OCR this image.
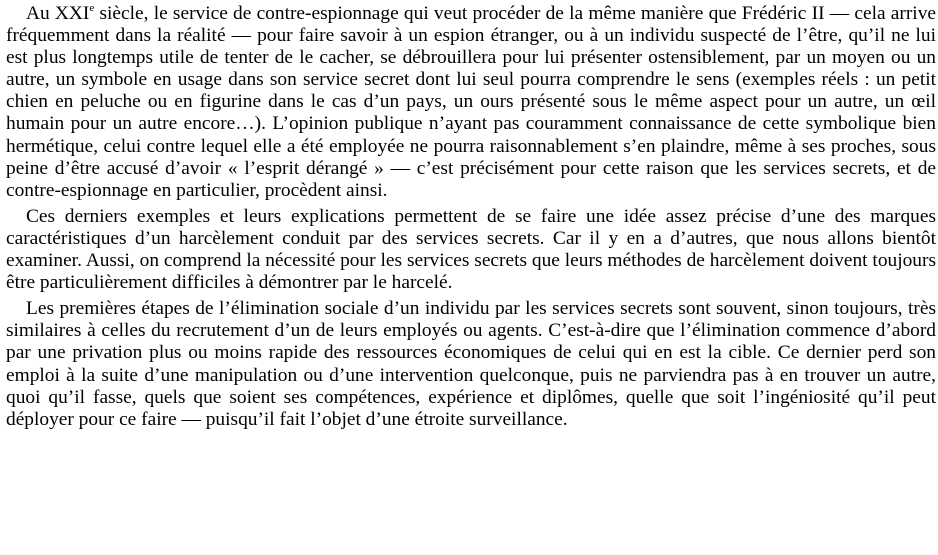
Au XXIe siècle, le service de contre-espionnage qui veut procéder de la même manière que Frédéric II — cela arrive fréquemment dans la réalité — pour faire savoir à un espion étranger, ou à un individu suspecté de l’être, qu’il ne lui est plus longtemps utile de tenter de le cacher, se débrouillera pour lui présenter ostensiblement, par un moyen ou un autre, un symbole en usage dans son service secret dont lui seul pourra comprendre le sens (exemples réels : un petit chien en peluche ou en figurine dans le cas d’un pays, un ours présenté sous le même aspect pour un autre, un œil humain pour un autre encore…). L’opinion publique n’ayant pas couramment connaissance de cette symbolique bien hermétique, celui contre lequel elle a été employée ne pourra raisonnablement s’en plaindre, même à ses proches, sous peine d’être accusé d’avoir « l’esprit dérangé » — c’est précisément pour cette raison que les services secrets, et de contre-espionnage en particulier, procèdent ainsi.

Ces derniers exemples et leurs explications permettent de se faire une idée assez précise d’une des marques caractéristiques d’un harcèlement conduit par des services secrets. Car il y en a d’autres, que nous allons bientôt examiner. Aussi, on comprend la nécessité pour les services secrets que leurs méthodes de harcèlement doivent toujours être particulièrement difficiles à démontrer par le harcelé.

Les premières étapes de l’élimination sociale d’un individu par les services secrets sont souvent, sinon toujours, très similaires à celles du recrutement d’un de leurs employés ou agents. C’est-à-dire que l’élimination commence d’abord par une privation plus ou moins rapide des ressources économiques de celui qui en est la cible. Ce dernier perd son emploi à la suite d’une manipulation ou d’une intervention quelconque, puis ne parviendra pas à en trouver un autre, quoi qu’il fasse, quels que soient ses compétences, expérience et diplômes, quelle que soit l’ingéniosité qu’il peut déployer pour ce faire — puisqu’il fait l’objet d’une étroite surveillance.
